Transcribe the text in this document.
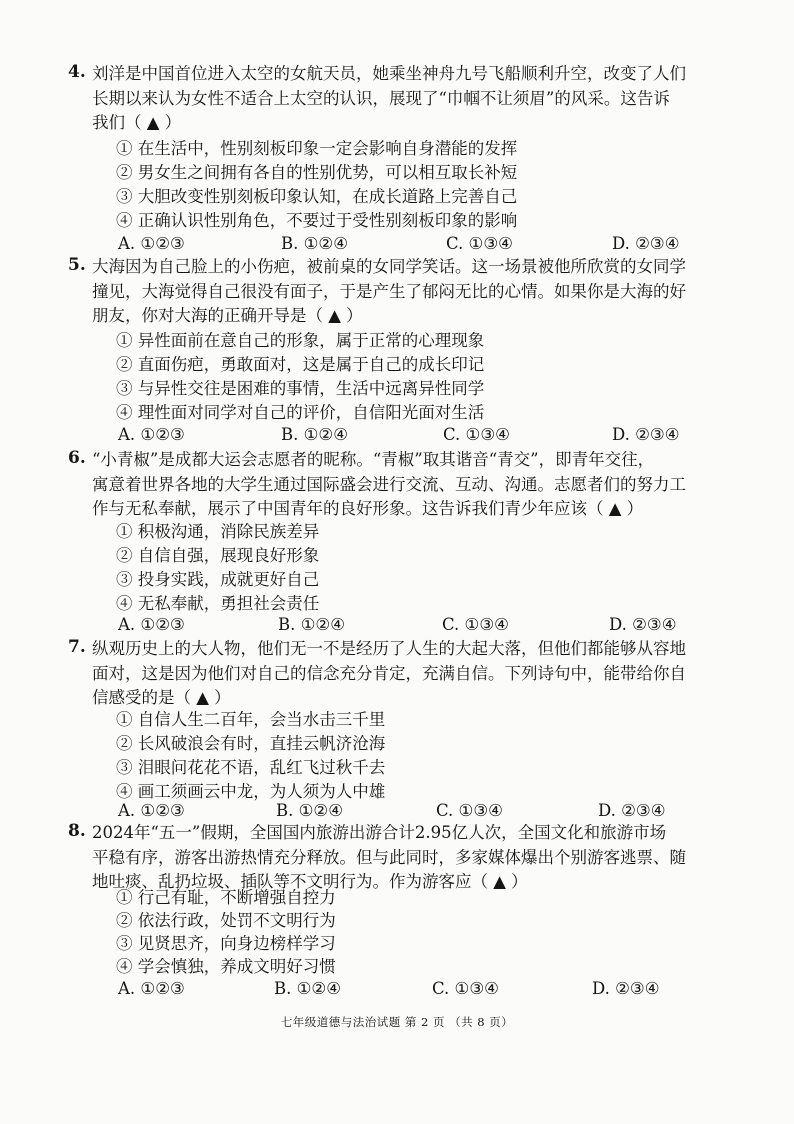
4. 刘洋是中国首位进入太空的女航天员，她乘坐神舟九号飞船顺利升空，改变了人们
长期以来认为女性不适合上太空的认识，展现了“巾帼不让须眉”的风采。这告诉
我们（ ▲ ）
① 在生活中，性别刻板印象一定会影响自身潜能的发挥
② 男女生之间拥有各自的性别优势，可以相互取长补短
③ 大胆改变性别刻板印象认知，在成长道路上完善自己
④ 正确认识性别角色，不要过于受性别刻板印象的影响
A. ①②③	B. ①②④	C. ①③④	D. ②③④
5. 大海因为自己脸上的小伤疤，被前桌的女同学笑话。这一场景被他所欣赏的女同学
撞见，大海觉得自己很没有面子，于是产生了郁闷无比的心情。如果你是大海的好
朋友，你对大海的正确开导是（ ▲ ）
① 异性面前在意自己的形象，属于正常的心理现象
② 直面伤疤，勇敢面对，这是属于自己的成长印记
③ 与异性交往是困难的事情，生活中远离异性同学
④ 理性面对同学对自己的评价，自信阳光面对生活
A. ①②③	B. ①②④	C. ①③④	D. ②③④
6. “小青椒”是成都大运会志愿者的昵称。“青椒”取其谐音“青交”，即青年交往，
寓意着世界各地的大学生通过国际盛会进行交流、互动、沟通。志愿者们的努力工
作与无私奉献，展示了中国青年的良好形象。这告诉我们青少年应该（ ▲ ）
① 积极沟通，消除民族差异
② 自信自强，展现良好形象
③ 投身实践，成就更好自己
④ 无私奉献，勇担社会责任
A. ①②③	B. ①②④	C. ①③④	D. ②③④
7. 纵观历史上的大人物，他们无一不是经历了人生的大起大落，但他们都能够从容地
面对，这是因为他们对自己的信念充分肯定，充满自信。下列诗句中，能带给你自
信感受的是（ ▲ ）
① 自信人生二百年，会当水击三千里
② 长风破浪会有时，直挂云帆济沧海
③ 泪眼问花花不语，乱红飞过秋千去
④ 画工须画云中龙，为人须为人中雄
A. ①②③	B. ①②④	C. ①③④	D. ②③④
8. 2024年“五一”假期，全国国内旅游出游合计2.95亿人次，全国文化和旅游市场
平稳有序，游客出游热情充分释放。但与此同时，多家媒体爆出个别游客逃票、随
地吐痰、乱扔垃圾、插队等不文明行为。作为游客应（ ▲ ）
① 行己有耻，不断增强自控力
② 依法行政，处罚不文明行为
③ 见贤思齐，向身边榜样学习
④ 学会慎独，养成文明好习惯
A. ①②③	B. ①②④	C. ①③④	D. ②③④
七年级道德与法治试题 第 2 页 （共 8 页）
